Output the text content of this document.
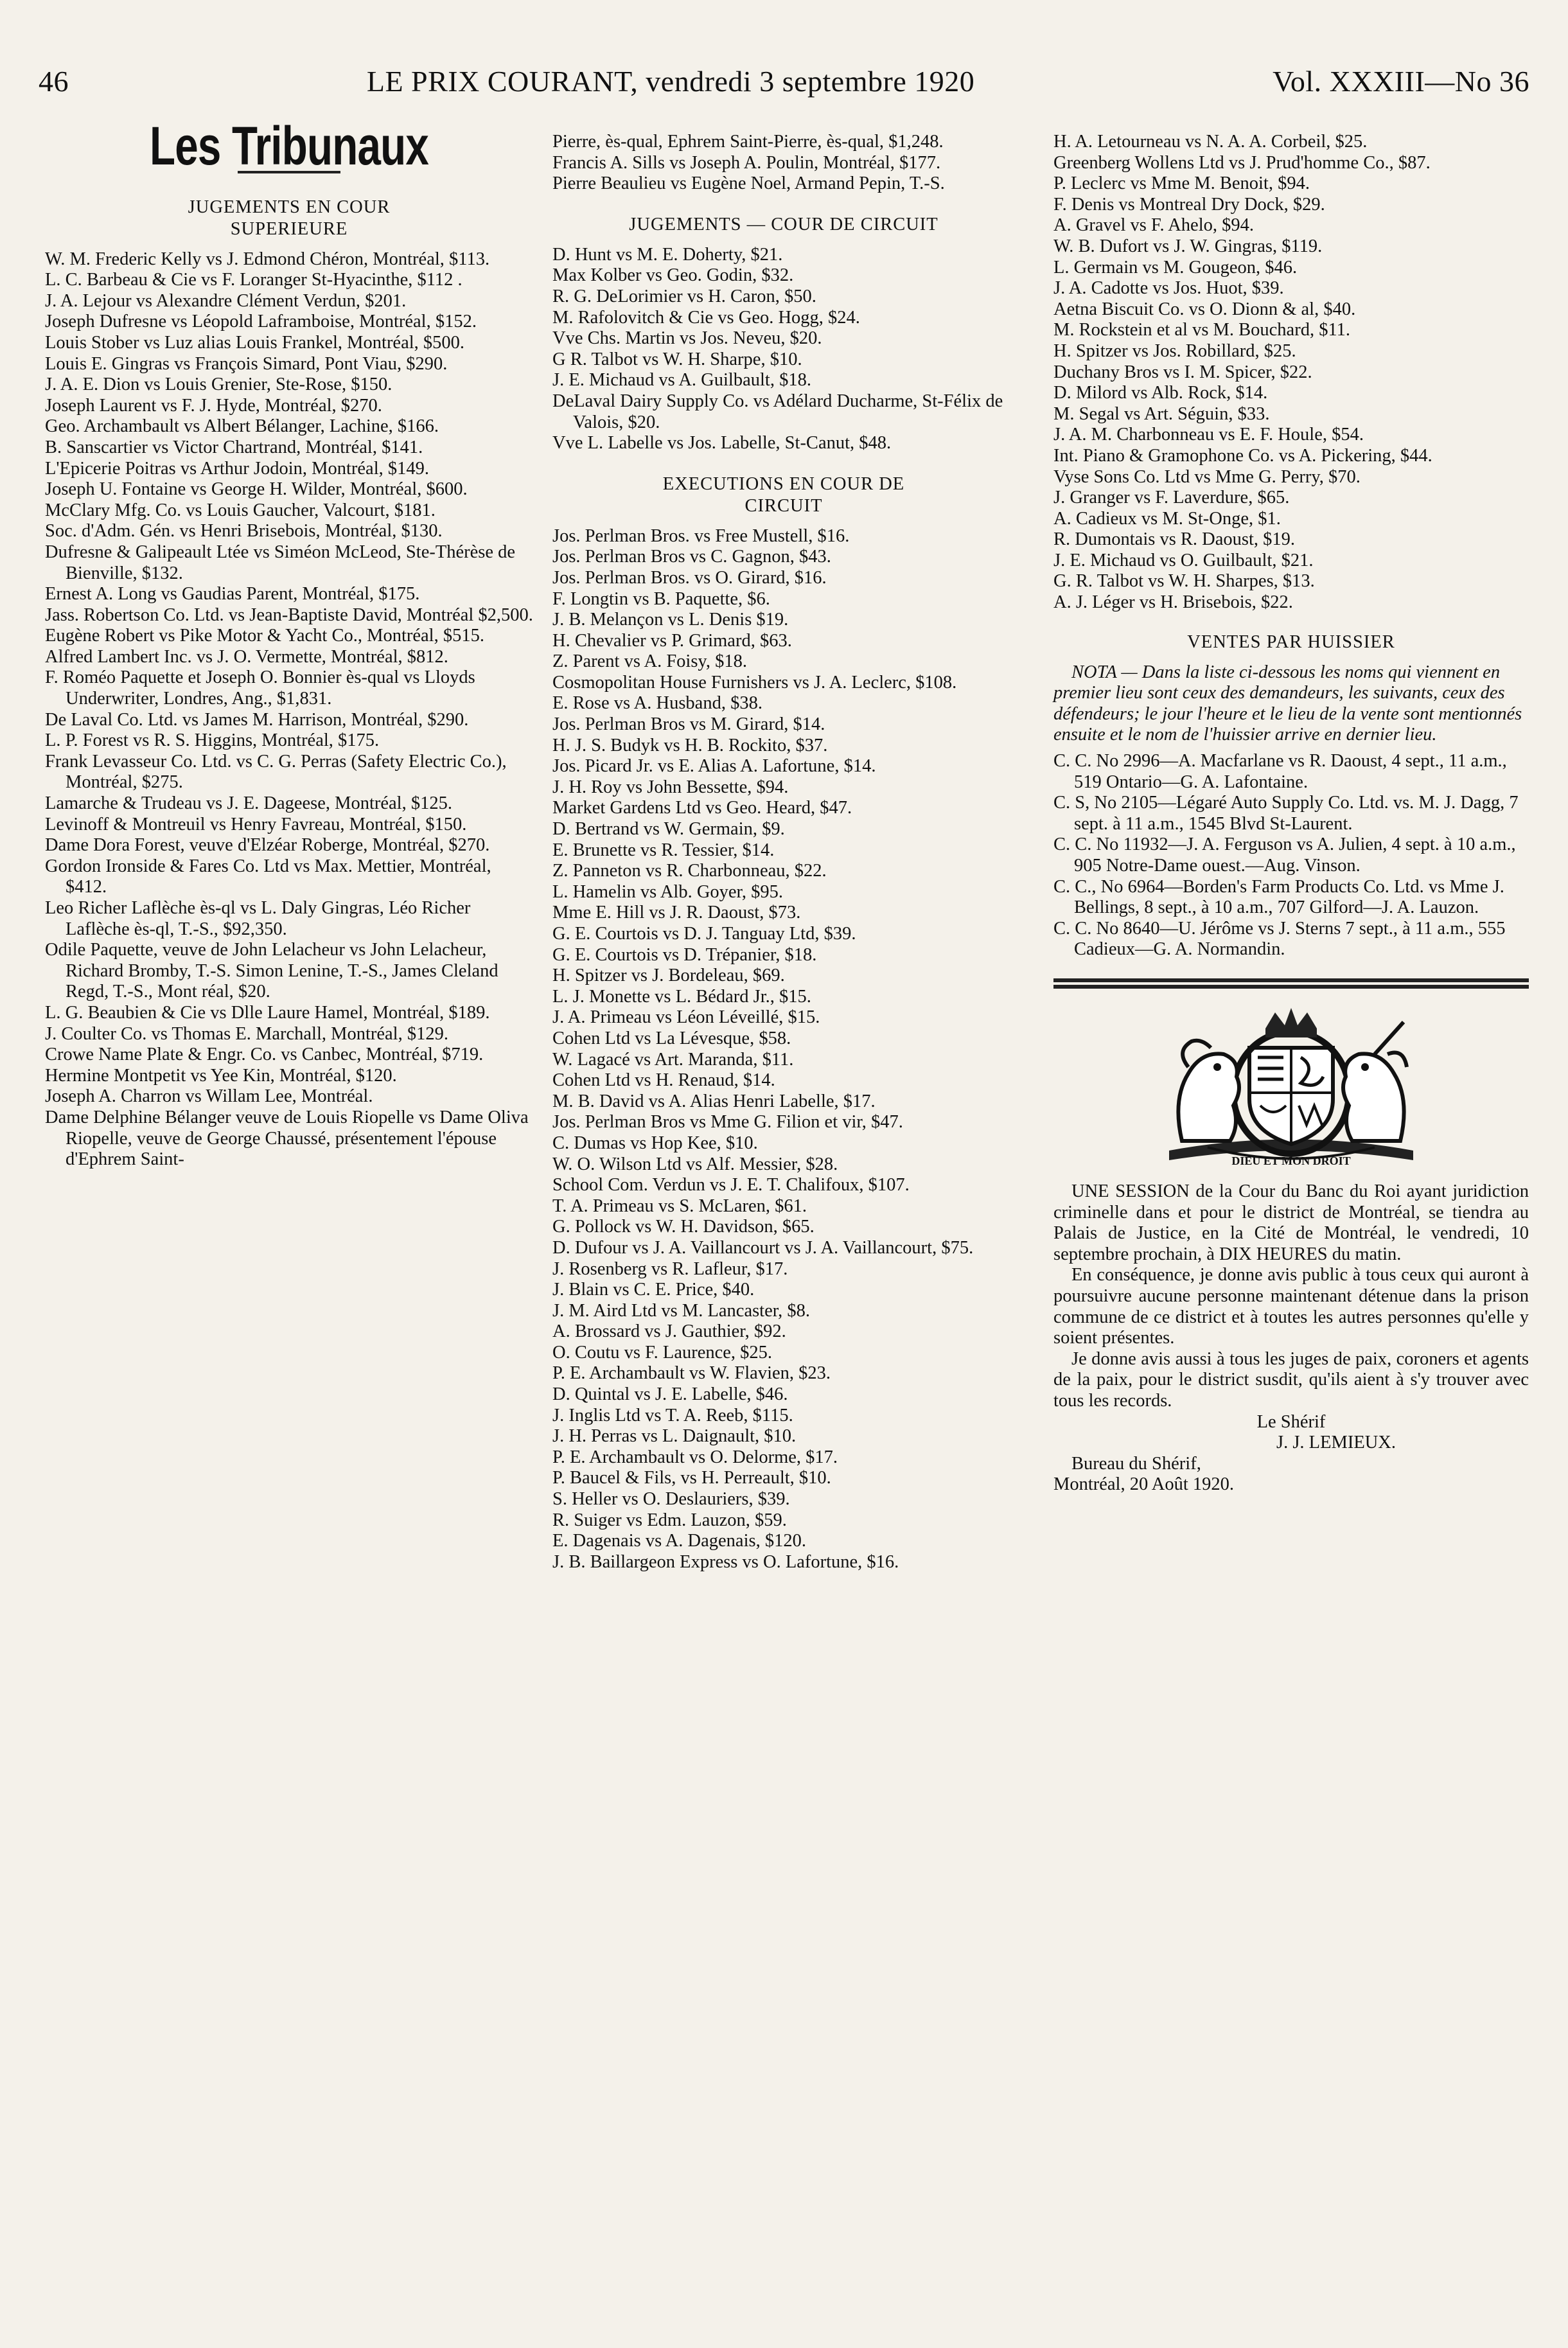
46	LE PRIX COURANT, vendredi 3 septembre 1920	Vol. XXXIII—No 36
Les Tribunaux
JUGEMENTS EN COUR SUPERIEURE

W. M. Frederic Kelly vs J. Edmond Chéron, Montréal, $113.

L. C. Barbeau & Cie vs F. Loranger St-Hyacinthe, $112 .

J. A. Lejour vs Alexandre Clément Verdun, $201.

Joseph Dufresne vs Léopold Laframboise, Montréal, $152.

Louis Stober vs Luz alias Louis Frankel, Montréal, $500.

Louis E. Gingras vs François Simard, Pont Viau, $290.

J. A. E. Dion vs Louis Grenier, Ste-Rose, $150.

Joseph Laurent vs F. J. Hyde, Montréal, $270.

Geo. Archambault vs Albert Bélanger, Lachine, $166.

B. Sanscartier vs Victor Chartrand, Montréal, $141.

L'Epicerie Poitras vs Arthur Jodoin, Montréal, $149.

Joseph U. Fontaine vs George H. Wilder, Montréal, $600.

McClary Mfg. Co. vs Louis Gaucher, Valcourt, $181.

Soc. d'Adm. Gén. vs Henri Brisebois, Montréal, $130.

Dufresne & Galipeault Ltée vs Siméon McLeod, Ste-Thérèse de Bienville, $132.

Ernest A. Long vs Gaudias Parent, Montréal, $175.

Jass. Robertson Co. Ltd. vs Jean-Baptiste David, Montréal $2,500.

Eugène Robert vs Pike Motor & Yacht Co., Montréal, $515.

Alfred Lambert Inc. vs J. O. Vermette, Montréal, $812.

F. Roméo Paquette et Joseph O. Bonnier ès-qual vs Lloyds Underwriter, Londres, Ang., $1,831.

De Laval Co. Ltd. vs James M. Harrison, Montréal, $290.

L. P. Forest vs R. S. Higgins, Montréal, $175.

Frank Levasseur Co. Ltd. vs C. G. Perras (Safety Electric Co.), Montréal, $275.

Lamarche & Trudeau vs J. E. Dageese, Montréal, $125.

Levinoff & Montreuil vs Henry Favreau, Montréal, $150.

Dame Dora Forest, veuve d'Elzéar Roberge, Montréal, $270.

Gordon Ironside & Fares Co. Ltd vs Max. Mettier, Montréal, $412.

Leo Richer Laflèche ès-ql vs L. Daly Gingras, Léo Richer Laflèche ès-ql, T.-S., $92,350.

Odile Paquette, veuve de John Lelacheur vs John Lelacheur, Richard Bromby, T.-S. Simon Lenine, T.-S., James Cleland Regd, T.-S., Mont réal, $20.

L. G. Beaubien & Cie vs Dlle Laure Hamel, Montréal, $189.

J. Coulter Co. vs Thomas E. Marchall, Montréal, $129.

Crowe Name Plate & Engr. Co. vs Canbec, Montréal, $719.

Hermine Montpetit vs Yee Kin, Montréal, $120.

Joseph A. Charron vs Willam Lee, Montréal.

Dame Delphine Bélanger veuve de Louis Riopelle vs Dame Oliva Riopelle, veuve de George Chaussé, présentement l'épouse d'Ephrem Saint-

Pierre, ès-qual, Ephrem Saint-Pierre, ès-qual, $1,248.

Francis A. Sills vs Joseph A. Poulin, Montréal, $177.

Pierre Beaulieu vs Eugène Noel, Armand Pepin, T.-S.

JUGEMENTS — COUR DE CIRCUIT

D. Hunt vs M. E. Doherty, $21.

Max Kolber vs Geo. Godin, $32.

R. G. DeLorimier vs H. Caron, $50.

M. Rafolovitch & Cie vs Geo. Hogg, $24.

Vve Chs. Martin vs Jos. Neveu, $20.

G R. Talbot vs W. H. Sharpe, $10.

J. E. Michaud vs A. Guilbault, $18.

DeLaval Dairy Supply Co. vs Adélard Ducharme, St-Félix de Valois, $20.

Vve L. Labelle vs Jos. Labelle, St-Canut, $48.

EXECUTIONS EN COUR DE CIRCUIT

Jos. Perlman Bros. vs Free Mustell, $16.

Jos. Perlman Bros vs C. Gagnon, $43.

Jos. Perlman Bros. vs O. Girard, $16.

F. Longtin vs B. Paquette, $6.

J. B. Melançon vs L. Denis $19.

H. Chevalier vs P. Grimard, $63.

Z. Parent vs A. Foisy, $18.

Cosmopolitan House Furnishers vs J. A. Leclerc, $108.

E. Rose vs A. Husband, $38.

Jos. Perlman Bros vs M. Girard, $14.

H. J. S. Budyk vs H. B. Rockito, $37.

Jos. Picard Jr. vs E. Alias A. Lafortune, $14.

J. H. Roy vs John Bessette, $94.

Market Gardens Ltd vs Geo. Heard, $47.

D. Bertrand vs W. Germain, $9.

E. Brunette vs R. Tessier, $14.

Z. Panneton vs R. Charbonneau, $22.

L. Hamelin vs Alb. Goyer, $95.

Mme E. Hill vs J. R. Daoust, $73.

G. E. Courtois vs D. J. Tanguay Ltd, $39.

G. E. Courtois vs D. Trépanier, $18.

H. Spitzer vs J. Bordeleau, $69.

L. J. Monette vs L. Bédard Jr., $15.

J. A. Primeau vs Léon Léveillé, $15.

Cohen Ltd vs La Lévesque, $58.

W. Lagacé vs Art. Maranda, $11.

Cohen Ltd vs H. Renaud, $14.

M. B. David vs A. Alias Henri Labelle, $17.

Jos. Perlman Bros vs Mme G. Filion et vir, $47.

C. Dumas vs Hop Kee, $10.

W. O. Wilson Ltd vs Alf. Messier, $28.

School Com. Verdun vs J. E. T. Chalifoux, $107.

T. A. Primeau vs S. McLaren, $61.

G. Pollock vs W. H. Davidson, $65.

D. Dufour vs J. A. Vaillancourt vs J. A. Vaillancourt, $75.

J. Rosenberg vs R. Lafleur, $17.

J. Blain vs C. E. Price, $40.

J. M. Aird Ltd vs M. Lancaster, $8.

A. Brossard vs J. Gauthier, $92.

O. Coutu vs F. Laurence, $25.

P. E. Archambault vs W. Flavien, $23.

D. Quintal vs J. E. Labelle, $46.

J. Inglis Ltd vs T. A. Reeb, $115.

J. H. Perras vs L. Daignault, $10.

P. E. Archambault vs O. Delorme, $17.

P. Baucel & Fils, vs H. Perreault, $10.

S. Heller vs O. Deslauriers, $39.

R. Suiger vs Edm. Lauzon, $59.

E. Dagenais vs A. Dagenais, $120.

J. B. Baillargeon Express vs O. Lafortune, $16.

H. A. Letourneau vs N. A. A. Corbeil, $25.

Greenberg Wollens Ltd vs J. Prud'homme Co., $87.

P. Leclerc vs Mme M. Benoit, $94.

F. Denis vs Montreal Dry Dock, $29.

A. Gravel vs F. Ahelo, $94.

W. B. Dufort vs J. W. Gingras, $119.

L. Germain vs M. Gougeon, $46.

J. A. Cadotte vs Jos. Huot, $39.

Aetna Biscuit Co. vs O. Dionn & al, $40.

M. Rockstein et al vs M. Bouchard, $11.

H. Spitzer vs Jos. Robillard, $25.

Duchany Bros vs I. M. Spicer, $22.

D. Milord vs Alb. Rock, $14.

M. Segal vs Art. Séguin, $33.

J. A. M. Charbonneau vs E. F. Houle, $54.

Int. Piano & Gramophone Co. vs A. Pickering, $44.

Vyse Sons Co. Ltd vs Mme G. Perry, $70.

J. Granger vs F. Laverdure, $65.

A. Cadieux vs M. St-Onge, $1.

R. Dumontais vs R. Daoust, $19.

J. E. Michaud vs O. Guilbault, $21.

G. R. Talbot vs W. H. Sharpes, $13.

A. J. Léger vs H. Brisebois, $22.

VENTES PAR HUISSIER

NOTA — Dans la liste ci-dessous les noms qui viennent en premier lieu sont ceux des demandeurs, les suivants, ceux des défendeurs; le jour l'heure et le lieu de la vente sont mentionnés ensuite et le nom de l'huissier arrive en dernier lieu.

C. C. No 2996—A. Macfarlane vs R. Daoust, 4 sept., 11 a.m., 519 Ontario—G. A. Lafontaine.

C. S, No 2105—Légaré Auto Supply Co. Ltd. vs. M. J. Dagg, 7 sept. à 11 a.m., 1545 Blvd St-Laurent.

C. C. No 11932—J. A. Ferguson vs A. Julien, 4 sept. à 10 a.m., 905 Notre-Dame ouest.—Aug. Vinson.

C. C., No 6964—Borden's Farm Products Co. Ltd. vs Mme J. Bellings, 8 sept., à 10 a.m., 707 Gilford—J. A. Lauzon.

C. C. No 8640—U. Jérôme vs J. Sterns 7 sept., à 11 a.m., 555 Cadieux—G. A. Normandin.

DIEU ET MON DROIT

UNE SESSION de la Cour du Banc du Roi ayant juridiction criminelle dans et pour le district de Montréal, se tiendra au Palais de Justice, en la Cité de Montréal, le vendredi, 10 septembre prochain, à DIX HEURES du matin.

En conséquence, je donne avis public à tous ceux qui auront à poursuivre aucune personne maintenant détenue dans la prison commune de ce district et à toutes les autres personnes qu'elle y soient présentes.

Je donne avis aussi à tous les juges de paix, coroners et agents de la paix, pour le district susdit, qu'ils aient à s'y trouver avec tous les records.

Le Shérif

J. J. LEMIEUX.

Bureau du Shérif,

Montréal, 20 Août 1920.
